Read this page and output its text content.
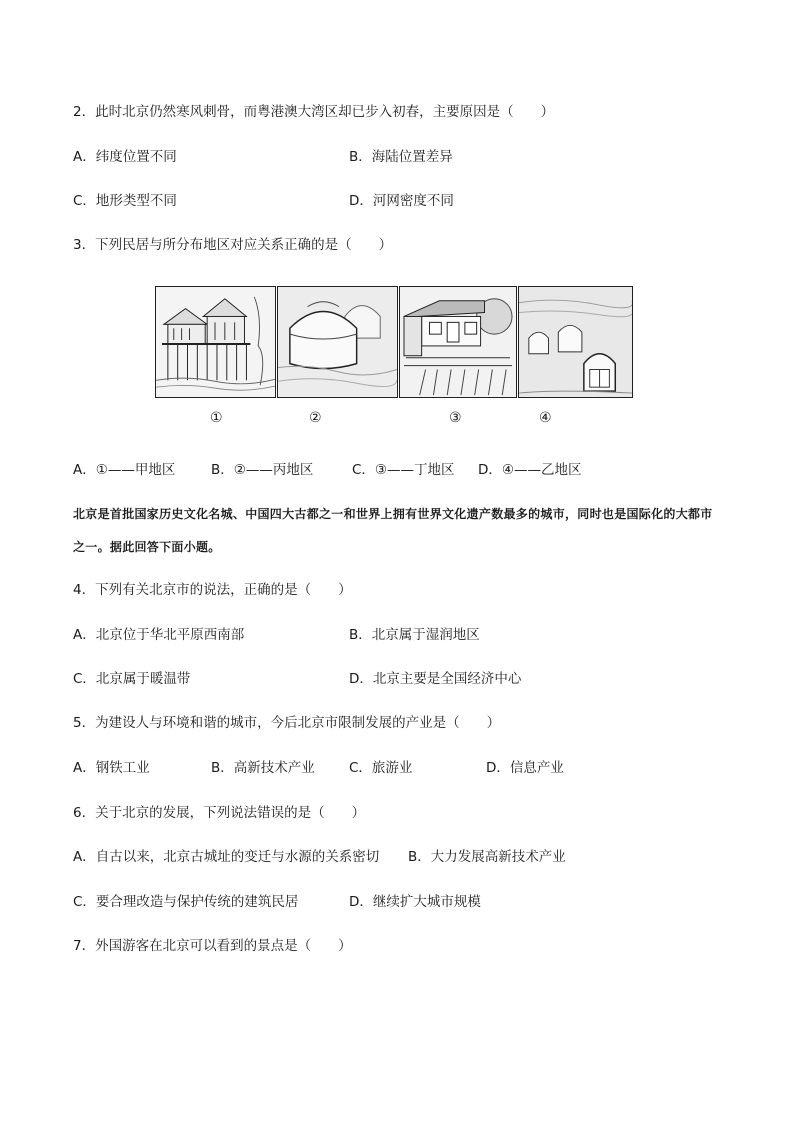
2．此时北京仍然寒风刺骨，而粤港澳大湾区却已步入初春，主要原因是（　　）
A．纬度位置不同	B．海陆位置差异
C．地形类型不同	D．河网密度不同
3．下列民居与所分布地区对应关系正确的是（　　）
①	②	③	④
A．①——甲地区	B．②——丙地区	C．③——丁地区 D．④——乙地区
北京是首批国家历史文化名城、中国四大古都之一和世界上拥有世界文化遗产数最多的城市，同时也是国际化的大都市之一。据此回答下面小题。
4．下列有关北京市的说法，正确的是（　　）
A．北京位于华北平原西南部	B．北京属于湿润地区
C．北京属于暖温带	D．北京主要是全国经济中心
5．为建设人与环境和谐的城市，今后北京市限制发展的产业是（　　）
A．钢铁工业	B．高新技术产业	C．旅游业	D．信息产业
6．关于北京的发展，下列说法错误的是（　　）
A．自古以来，北京古城址的变迁与水源的关系密切 B．大力发展高新技术产业
C．要合理改造与保护传统的建筑民居	D．继续扩大城市规模
7．外国游客在北京可以看到的景点是（　　）
